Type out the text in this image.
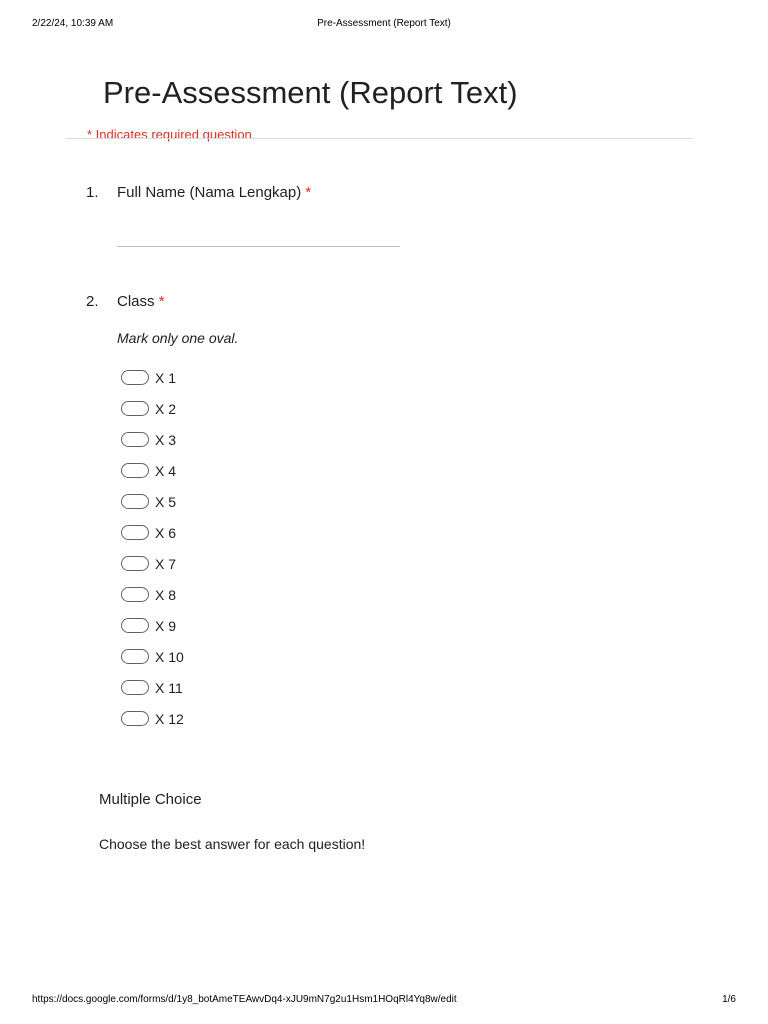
2/22/24, 10:39 AM	Pre-Assessment (Report Text)
Pre-Assessment (Report Text)
* Indicates required question
1. Full Name (Nama Lengkap) *
2. Class *
Mark only one oval.
X 1
X 2
X 3
X 4
X 5
X 6
X 7
X 8
X 9
X 10
X 11
X 12
Multiple Choice
Choose the best answer for each question!
https://docs.google.com/forms/d/1y8_botAmeTEAwvDq4-xJU9mN7g2u1Hsm1HOqRl4Yq8w/edit	1/6
